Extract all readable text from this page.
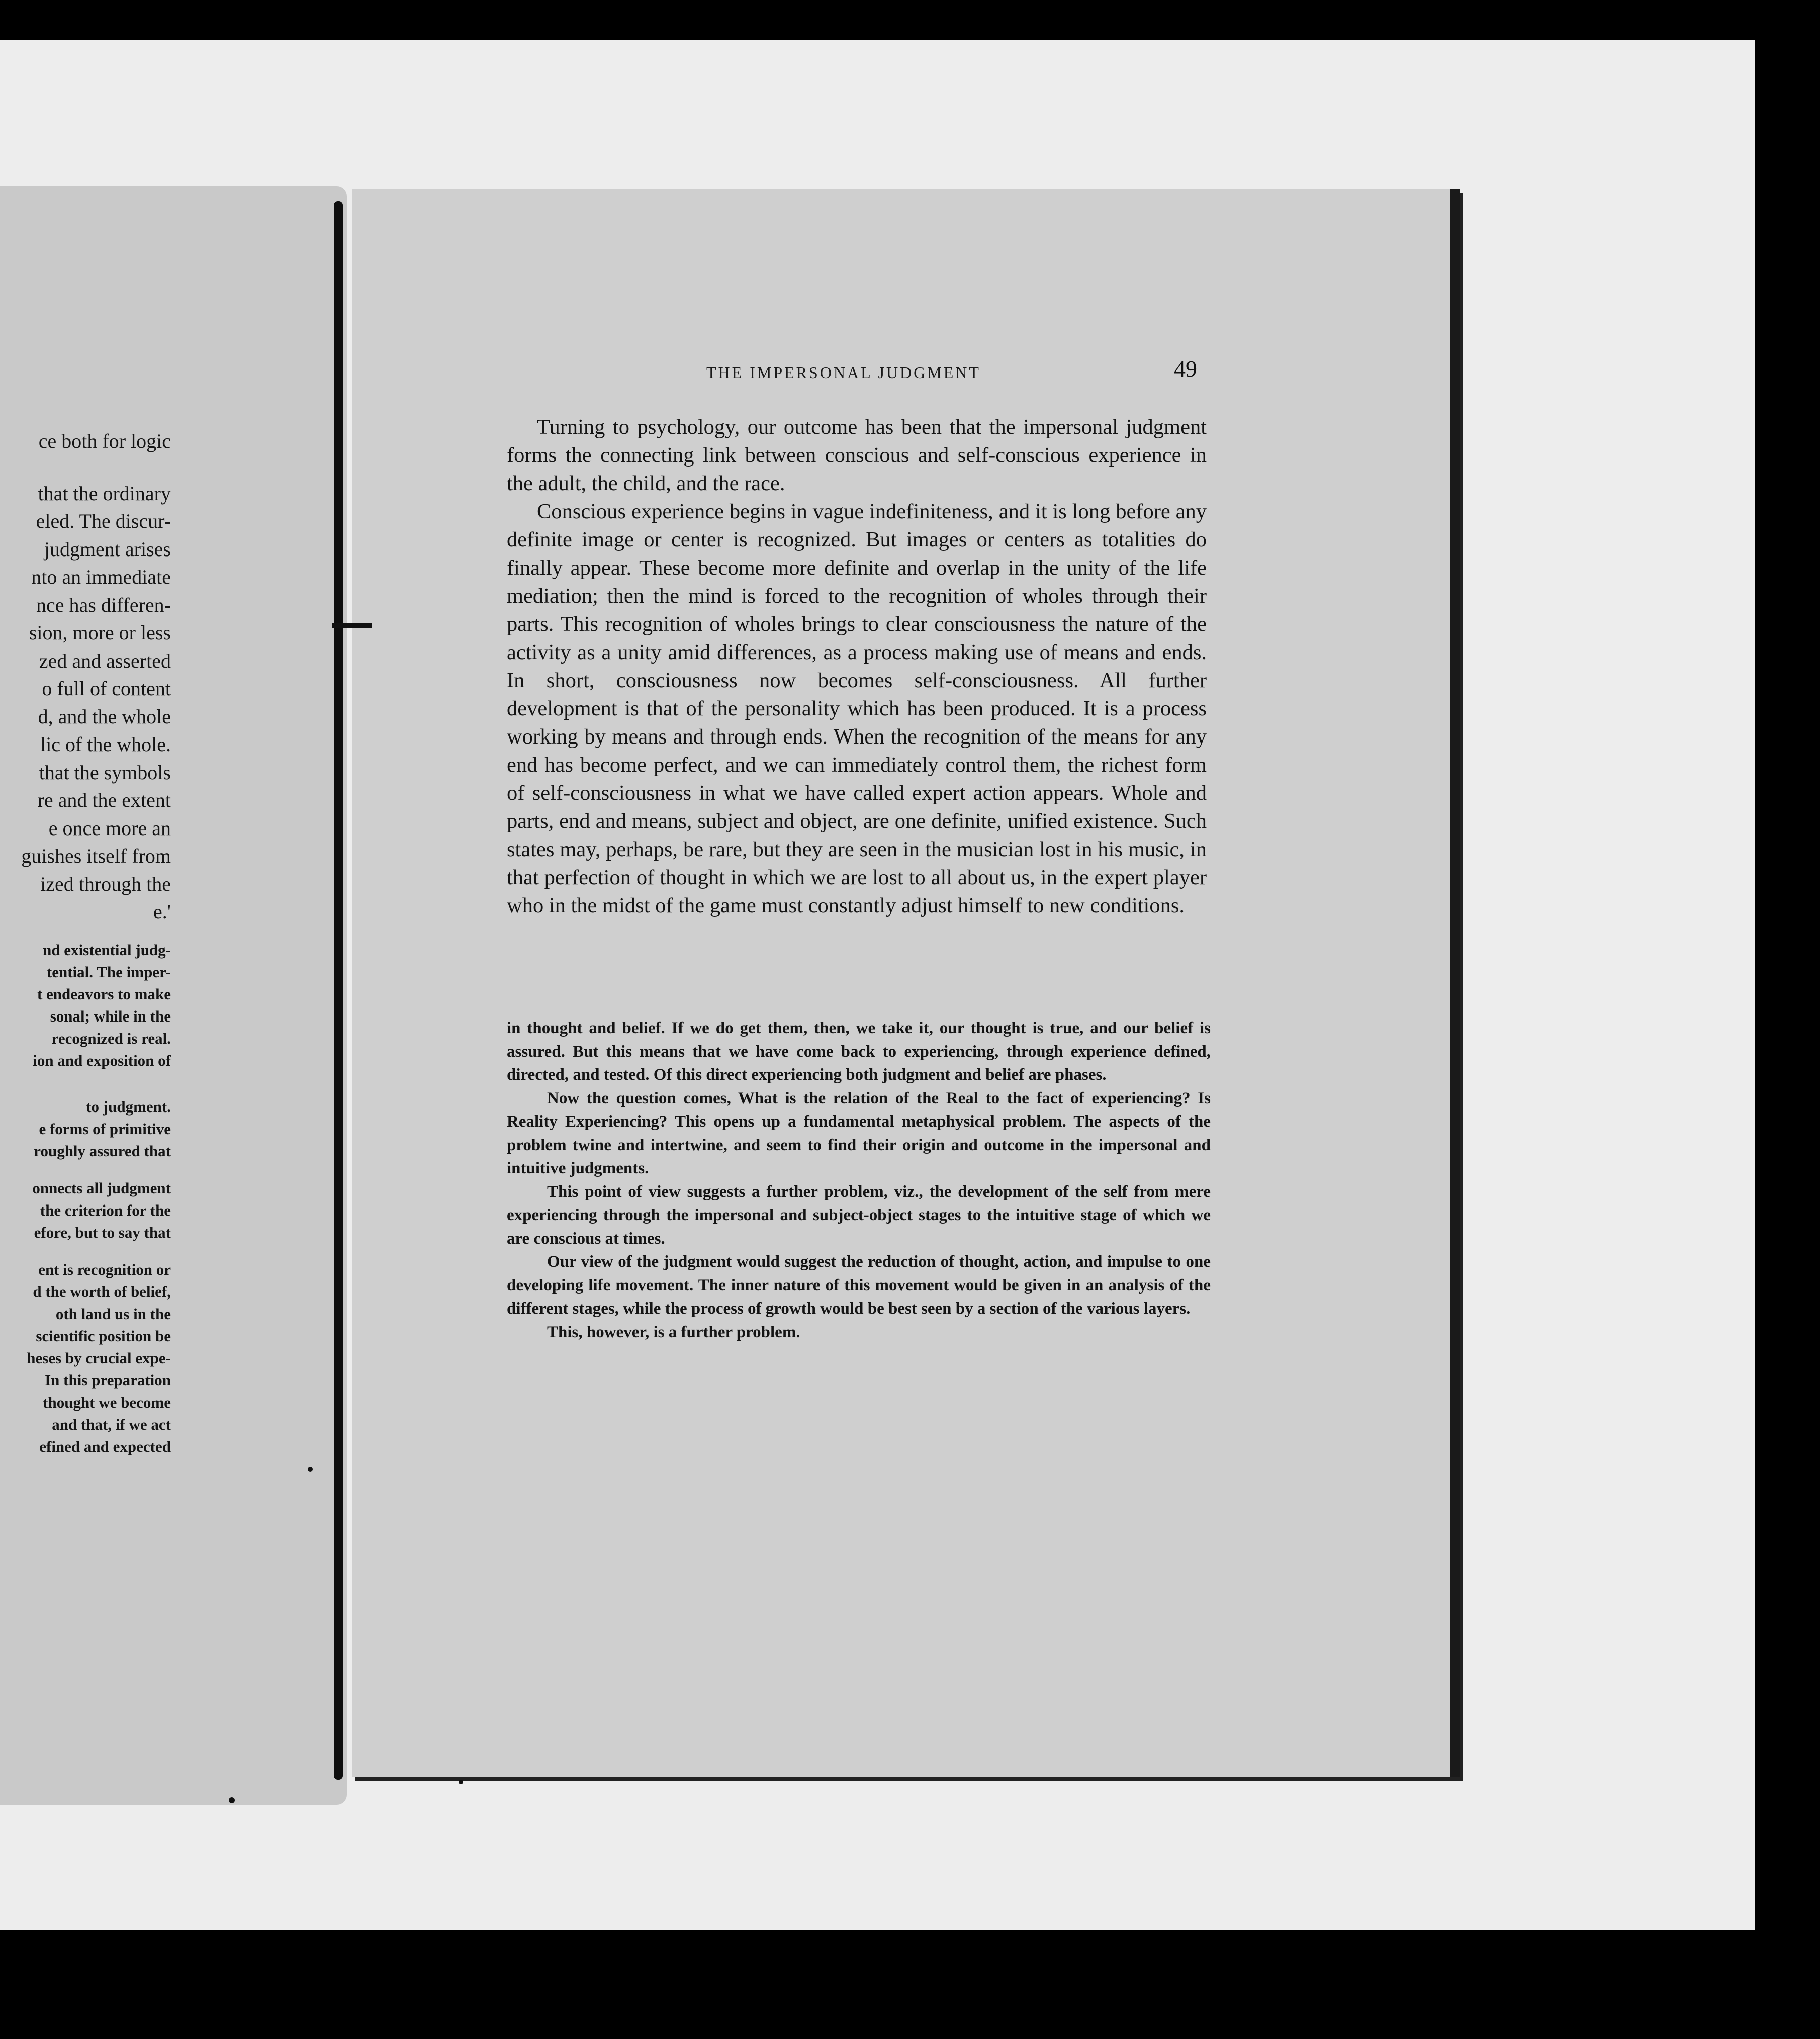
ce both for logic
that the ordinary
eled. The discur-
judgment arises
nto an immediate
nce has differen-
sion, more or less
zed and asserted
o full of content
d, and the whole
lic of the whole.
that the symbols
re and the extent
e once more an
guishes itself from
ized through the
e.'
nd existential judg-
tential. The imper-
t endeavors to make
sonal; while in the
recognized is real.
ion and exposition of
to judgment.
e forms of primitive
roughly assured that
onnects all judgment
the criterion for the
efore, but to say that
ent is recognition or
d the worth of belief,
oth land us in the
scientific position be
heses by crucial expe-
In this preparation
thought we become
and that, if we act
efined and expected
THE IMPERSONAL JUDGMENT	49

Turning to psychology, our outcome has been that the impersonal judgment forms the connecting link between conscious and self-conscious experience in the adult, the child, and the race.

Conscious experience begins in vague indefiniteness, and it is long before any definite image or center is recognized. But images or centers as totalities do finally appear. These become more definite and overlap in the unity of the life mediation; then the mind is forced to the recognition of wholes through their parts. This recognition of wholes brings to clear consciousness the nature of the activity as a unity amid differences, as a process making use of means and ends. In short, consciousness now becomes self-consciousness. All further development is that of the personality which has been produced. It is a process working by means and through ends. When the recognition of the means for any end has become perfect, and we can immediately control them, the richest form of self-consciousness in what we have called expert action appears. Whole and parts, end and means, subject and object, are one definite, unified existence. Such states may, perhaps, be rare, but they are seen in the musician lost in his music, in that perfection of thought in which we are lost to all about us, in the expert player who in the midst of the game must constantly adjust himself to new conditions.

in thought and belief. If we do get them, then, we take it, our thought is true, and our belief is assured. But this means that we have come back to experiencing, through experience defined, directed, and tested. Of this direct experiencing both judgment and belief are phases.

Now the question comes, What is the relation of the Real to the fact of experiencing? Is Reality Experiencing? This opens up a fundamental metaphysical problem. The aspects of the problem twine and intertwine, and seem to find their origin and outcome in the impersonal and intuitive judgments.

This point of view suggests a further problem, viz., the development of the self from mere experiencing through the impersonal and subject-object stages to the intuitive stage of which we are conscious at times.

Our view of the judgment would suggest the reduction of thought, action, and impulse to one developing life movement. The inner nature of this movement would be given in an analysis of the different stages, while the process of growth would be best seen by a section of the various layers.

This, however, is a further problem.
